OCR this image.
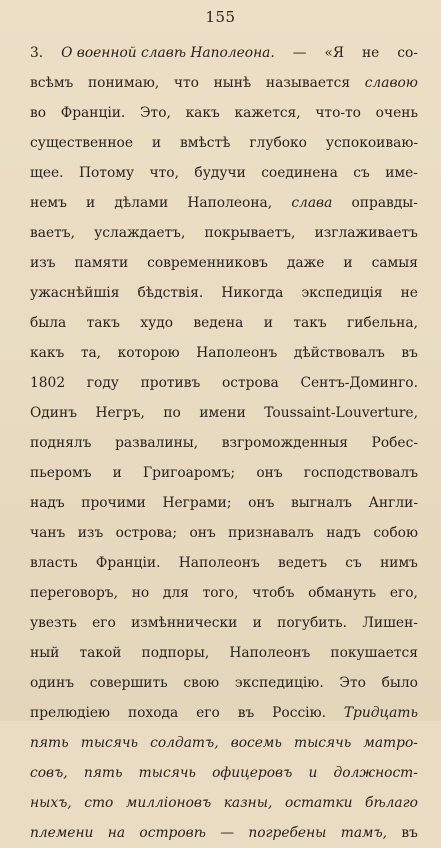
155
3. О военной славѣ Наполеона. — «Я не со-
всѣмъ понимаю, что нынѣ называется славою
во Франціи. Это, какъ кажется, что-то очень
существенное и вмѣстѣ глубоко успокоиваю-
щее. Потому что, будучи соединена съ име-
немъ и дѣлами Наполеона, слава оправды-
ваетъ, услаждаетъ, покрываетъ, изглаживаетъ
изъ памяти современниковъ даже и самыя
ужаснѣйшія бѣдствія. Никогда экспедиція не
была такъ худо ведена и такъ гибельна,
какъ та, которою Наполеонъ дѣйствовалъ въ
1802 году противъ острова Сентъ-Доминго.
Одинъ Негръ, по имени Toussaint-Louverture,
поднялъ развалины, взгроможденныя Робес-
пьеромъ и Григоаромъ; онъ господствовалъ
надъ прочими Неграми; онъ выгналъ Англи-
чанъ изъ острова; онъ признавалъ надъ собою
власть Франціи. Наполеонъ ведетъ съ нимъ
переговоръ, но для того, чтобъ обмануть его,
увезть его измѣннически и погубить. Лишен-
ный такой подпоры, Наполеонъ покушается
одинъ совершить свою экспедицію. Это было
прелюдіею похода его въ Россію. Тридцать
пять тысячь солдатъ, восемь тысячь матро-
совъ, пять тысячь офицеровъ и должност-
ныхъ, сто милліоновъ казны, остатки бѣлаго
племени на островѣ — погребены тамъ, въ
